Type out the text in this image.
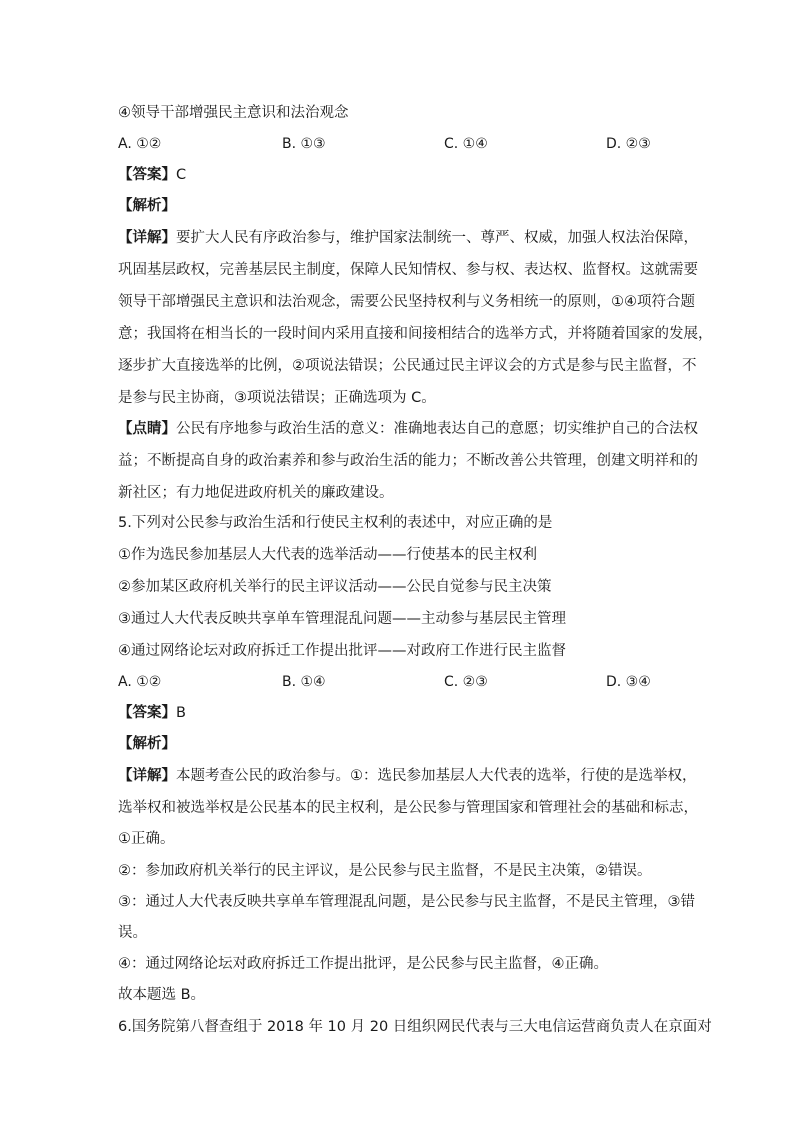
④领导干部增强民主意识和法治观念
A. ①②	B. ①③	C. ①④	D. ②③
【答案】C
【解析】
【详解】要扩大人民有序政治参与，维护国家法制统一、尊严、权威，加强人权法治保障，
巩固基层政权，完善基层民主制度，保障人民知情权、参与权、表达权、监督权。这就需要
领导干部增强民主意识和法治观念，需要公民坚持权利与义务相统一的原则，①④项符合题
意；我国将在相当长的一段时间内采用直接和间接相结合的选举方式，并将随着国家的发展，
逐步扩大直接选举的比例，②项说法错误；公民通过民主评议会的方式是参与民主监督，不
是参与民主协商，③项说法错误；正确选项为 C。
【点睛】公民有序地参与政治生活的意义：准确地表达自己的意愿；切实维护自己的合法权
益；不断提高自身的政治素养和参与政治生活的能力；不断改善公共管理，创建文明祥和的
新社区；有力地促进政府机关的廉政建设。
5.下列对公民参与政治生活和行使民主权利的表述中，对应正确的是
①作为选民参加基层人大代表的选举活动——行使基本的民主权利
②参加某区政府机关举行的民主评议活动——公民自觉参与民主决策
③通过人大代表反映共享单车管理混乱问题——主动参与基层民主管理
④通过网络论坛对政府拆迁工作提出批评——对政府工作进行民主监督
A. ①②	B. ①④	C. ②③	D. ③④
【答案】B
【解析】
【详解】本题考查公民的政治参与。①：选民参加基层人大代表的选举，行使的是选举权，
选举权和被选举权是公民基本的民主权利，是公民参与管理国家和管理社会的基础和标志，
①正确。
②：参加政府机关举行的民主评议，是公民参与民主监督，不是民主决策，②错误。
③：通过人大代表反映共享单车管理混乱问题，是公民参与民主监督，不是民主管理，③错
误。
④：通过网络论坛对政府拆迁工作提出批评，是公民参与民主监督，④正确。
故本题选 B。
6.国务院第八督查组于 2018 年 10 月 20 日组织网民代表与三大电信运营商负责人在京面对
